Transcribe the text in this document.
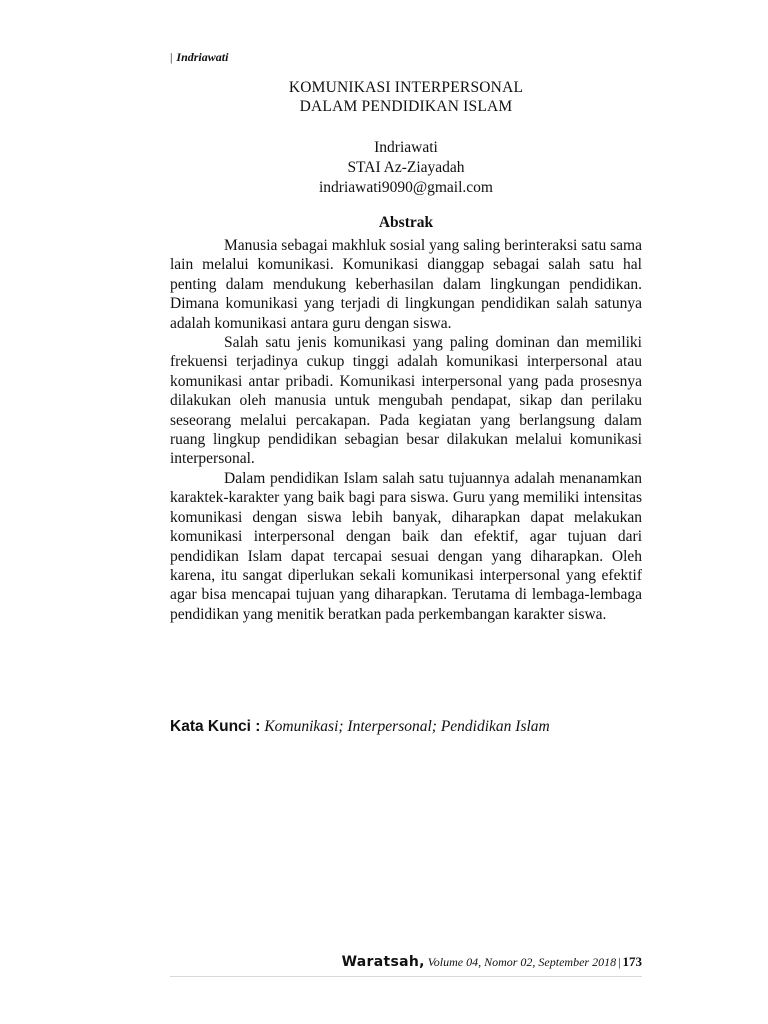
| Indriawati
KOMUNIKASI INTERPERSONAL
DALAM PENDIDIKAN ISLAM
Indriawati
STAI Az-Ziayadah
indriawati9090@gmail.com
Abstrak

Manusia sebagai makhluk sosial yang saling berinteraksi satu sama lain melalui komunikasi. Komunikasi dianggap sebagai salah satu hal penting dalam mendukung keberhasilan dalam lingkungan pendidikan. Dimana komunikasi yang terjadi di lingkungan pendidikan salah satunya adalah komunikasi antara guru dengan siswa.

Salah satu jenis komunikasi yang paling dominan dan memiliki frekuensi terjadinya cukup tinggi adalah komunikasi interpersonal atau komunikasi antar pribadi. Komunikasi interpersonal yang pada prosesnya dilakukan oleh manusia untuk mengubah pendapat, sikap dan perilaku seseorang melalui percakapan. Pada kegiatan yang berlangsung dalam ruang lingkup pendidikan sebagian besar dilakukan melalui komunikasi interpersonal.

Dalam pendidikan Islam salah satu tujuannya adalah menanamkan karaktek-karakter yang baik bagi para siswa. Guru yang memiliki intensitas komunikasi dengan siswa lebih banyak, diharapkan dapat melakukan komunikasi interpersonal dengan baik dan efektif, agar tujuan dari pendidikan Islam dapat tercapai sesuai dengan yang diharapkan. Oleh karena, itu sangat diperlukan sekali komunikasi interpersonal yang efektif agar bisa mencapai tujuan yang diharapkan. Terutama di lembaga-lembaga pendidikan yang menitik beratkan pada perkembangan karakter siswa.

Kata Kunci : Komunikasi; Interpersonal; Pendidikan Islam
Waratsah, Volume 04, Nomor 02, September 2018 | 173
